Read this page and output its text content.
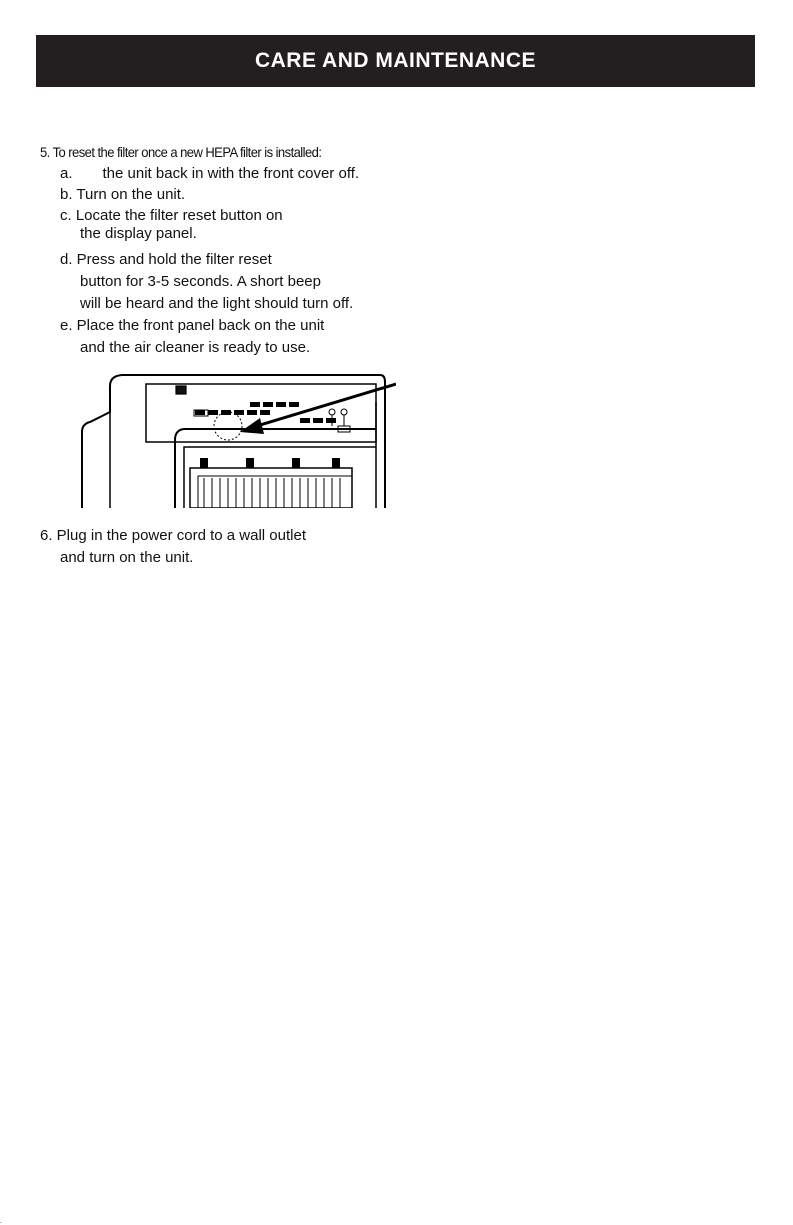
CARE AND MAINTENANCE
5. To reset the filter once a new HEPA filter is installed:
a. the unit back in with the front cover off.
b. Turn on the unit.
c. Locate the filter reset button on
the display panel.
d. Press and hold the filter reset
button for 3-5 seconds. A short beep
will be heard and the light should turn off.
e. Place the front panel back on the unit
and the air cleaner is ready to use.
6. Plug in the power cord to a wall outlet
and turn on the unit.
.
